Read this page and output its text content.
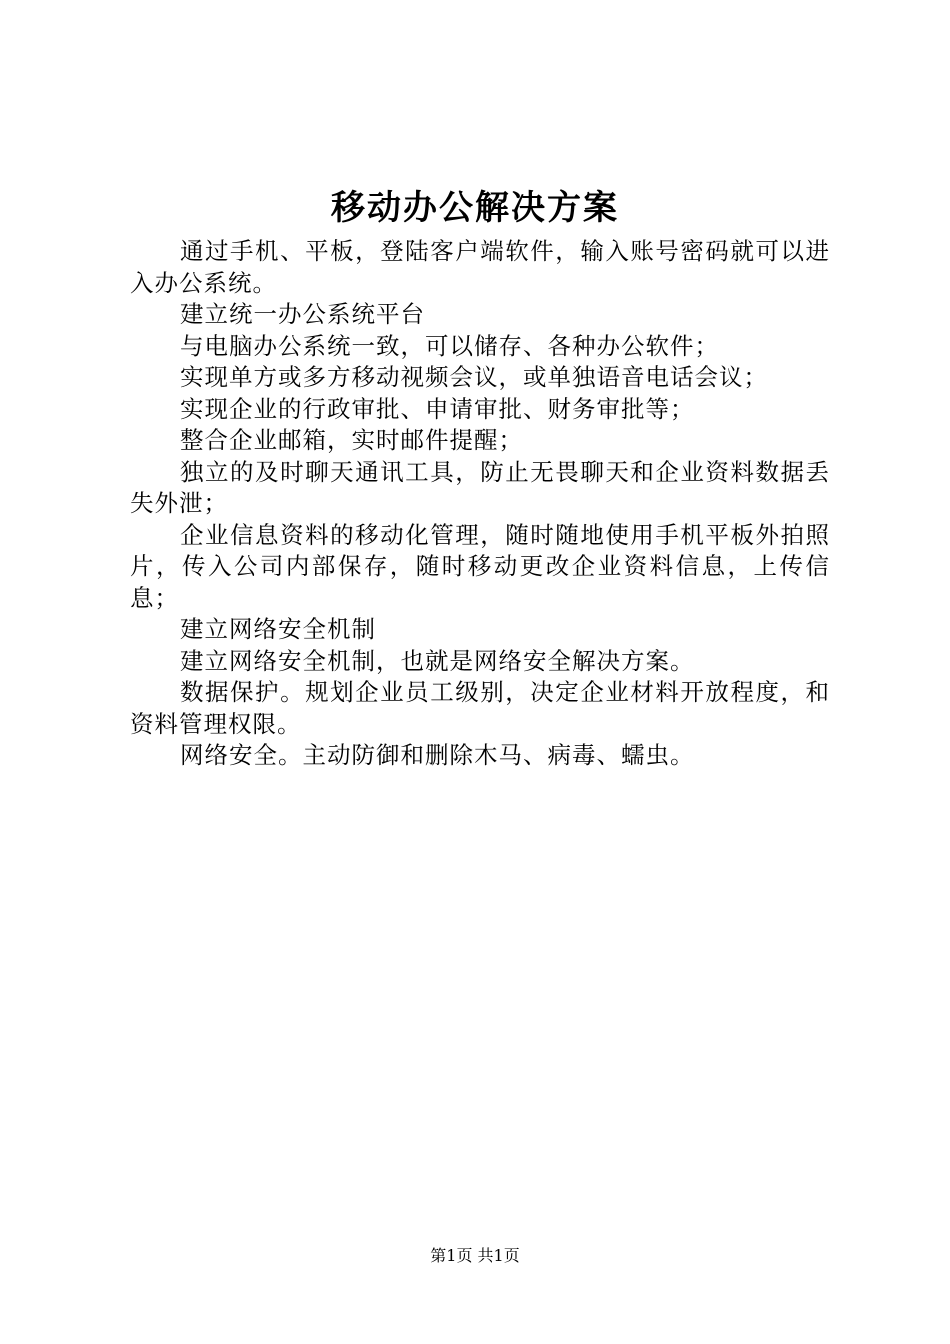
移动办公解决方案

通过手机、平板，登陆客户端软件，输入账号密码就可以进入办公系统。

建立统一办公系统平台

与电脑办公系统一致，可以储存、各种办公软件；

实现单方或多方移动视频会议，或单独语音电话会议；

实现企业的行政审批、申请审批、财务审批等；

整合企业邮箱，实时邮件提醒；

独立的及时聊天通讯工具，防止无畏聊天和企业资料数据丢失外泄；

企业信息资料的移动化管理，随时随地使用手机平板外拍照片，传入公司内部保存，随时移动更改企业资料信息，上传信息；

建立网络安全机制

建立网络安全机制，也就是网络安全解决方案。

数据保护。规划企业员工级别，决定企业材料开放程度，和资料管理权限。

网络安全。主动防御和删除木马、病毒、蠕虫。

第1页 共1页
